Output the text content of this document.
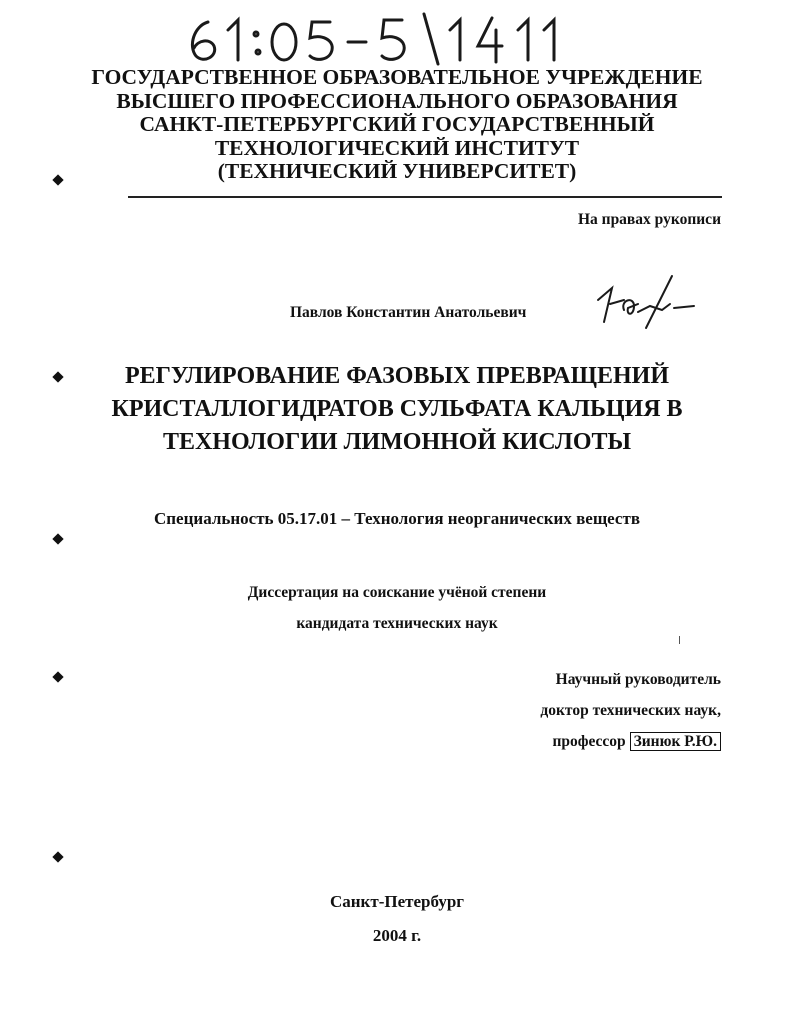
ГОСУДАРСТВЕННОЕ ОБРАЗОВАТЕЛЬНОЕ УЧРЕЖДЕНИЕ
ВЫСШЕГО ПРОФЕССИОНАЛЬНОГО ОБРАЗОВАНИЯ
САНКТ-ПЕТЕРБУРГСКИЙ ГОСУДАРСТВЕННЫЙ
ТЕХНОЛОГИЧЕСКИЙ ИНСТИТУТ
(ТЕХНИЧЕСКИЙ УНИВЕРСИТЕТ)
На правах рукописи
Павлов Константин Анатольевич
РЕГУЛИРОВАНИЕ ФАЗОВЫХ ПРЕВРАЩЕНИЙ
КРИСТАЛЛОГИДРАТОВ СУЛЬФАТА КАЛЬЦИЯ В
ТЕХНОЛОГИИ ЛИМОННОЙ КИСЛОТЫ
Специальность 05.17.01 – Технология неорганических веществ
Диссертация на соискание учёной степени
кандидата технических наук
Научный руководитель
доктор технических наук,
профессор Зинюк Р.Ю.
Санкт-Петербург
2004 г.
